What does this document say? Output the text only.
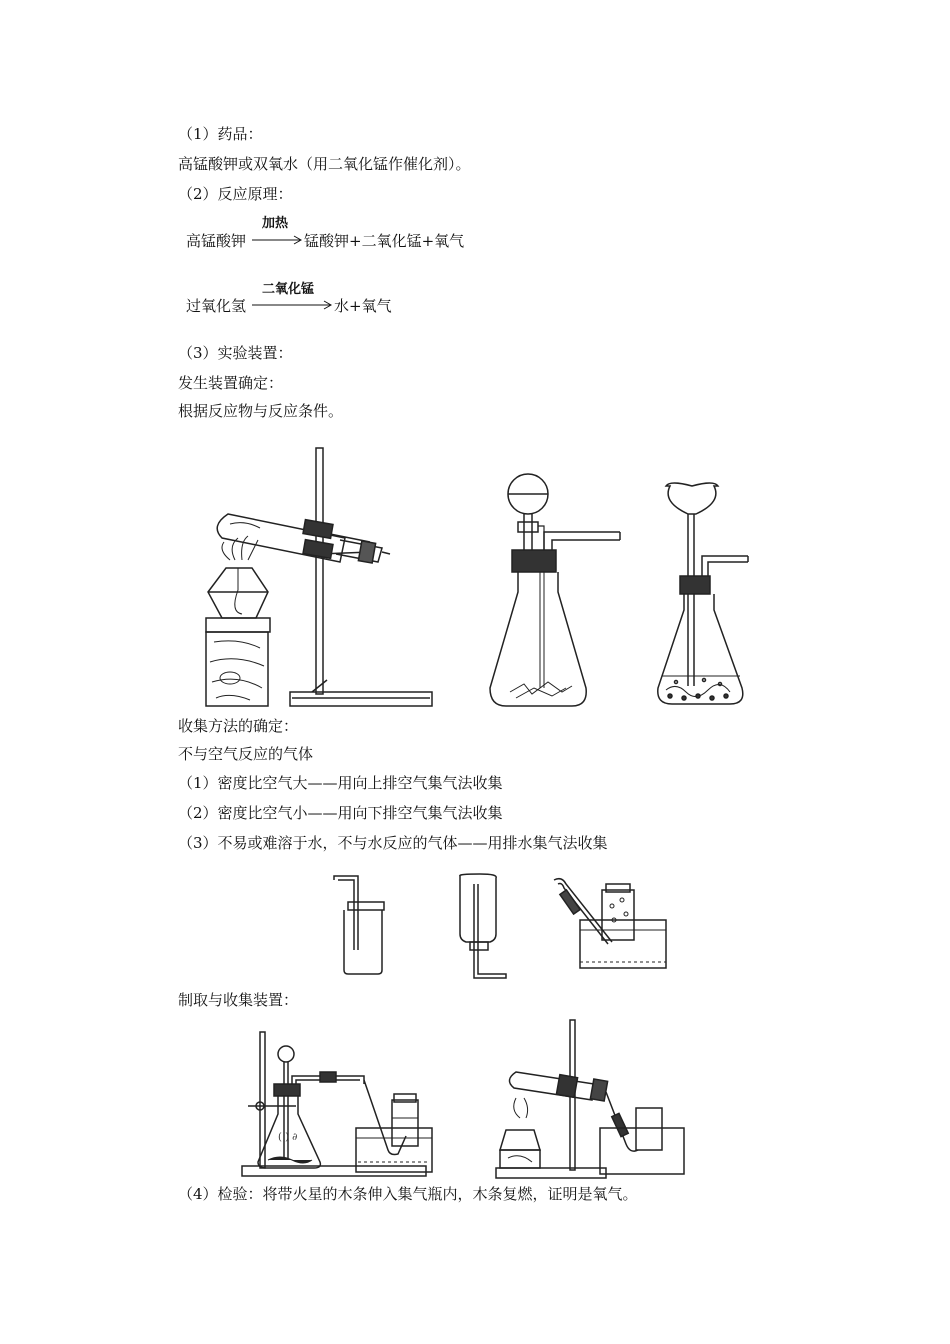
（1）药品：
高锰酸钾或双氧水（用二氧化锰作催化剂）。
（2）反应原理：
加热
高锰酸钾	锰酸钾+二氧化锰+氧气
二氧化锰
过氧化氢	水+氧气
（3）实验装置：
发生装置确定：
根据反应物与反应条件。
收集方法的确定：
不与空气反应的气体
（1）密度比空气大——用向上排空气集气法收集
（2）密度比空气小——用向下排空气集气法收集
（3）不易或难溶于水，不与水反应的气体——用排水集气法收集
制取与收集装置：
( ) ∂
（4）检验：将带火星的木条伸入集气瓶内，木条复燃，证明是氧气。
